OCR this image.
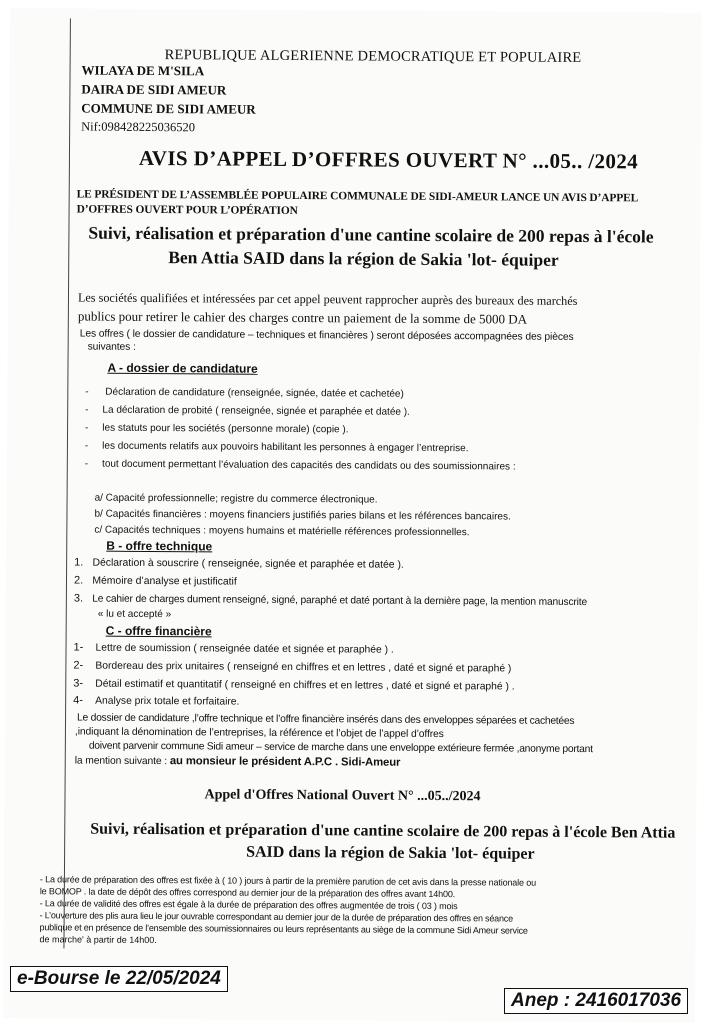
REPUBLIQUE ALGERIENNE DEMOCRATIQUE ET POPULAIRE
WILAYA DE M'SILA
DAIRA DE SIDI AMEUR
COMMUNE DE SIDI AMEUR
Nif:098428225036520
AVIS D’APPEL D’OFFRES OUVERT N° ...05.. /2024
LE PRÉSIDENT DE L’ASSEMBLÉE POPULAIRE COMMUNALE DE SIDI-AMEUR LANCE UN AVIS D’APPEL
D’OFFRES OUVERT POUR L’OPÉRATION
Suivi, réalisation et préparation d'une cantine scolaire de 200 repas à l'école
Ben Attia SAID dans la région de Sakia 'lot- équiper
Les sociétés qualifiées et intéressées par cet appel peuvent rapprocher auprès des bureaux des marchés
publics pour retirer le cahier des charges contre un paiement de la somme de 5000 DA
Les offres ( le dossier de candidature – techniques et financières ) seront déposées accompagnées des pièces
suivantes :
A - dossier de candidature
-      Déclaration de candidature (renseignée, signée, datée et cachetée)
-     La déclaration de probité ( renseignée, signée et paraphée et datée ).
-     les statuts pour les sociétés (personne morale) (copie ).
-     les documents relatifs aux pouvoirs habilitant les personnes à engager l’entreprise.
-     tout document permettant l’évaluation des capacités des candidats ou des soumissionnaires :
a/ Capacité professionnelle; registre du commerce électronique.
b/ Capacités financières : moyens financiers justifiés paries bilans et les références bancaires.
c/ Capacités techniques : moyens humains et matérielle références professionnelles.
B - offre technique
1. Déclaration à souscrire ( renseignée, signée et paraphée et datée ).
2. Mémoire d’analyse et justificatif
3. Le cahier de charges dument renseigné, signé, paraphé et daté portant à la dernière page, la mention manuscrite
« lu et accepté »
C - offre financière
1- Lettre de soumission ( renseignée datée et signée et paraphée ) .
2- Bordereau des prix unitaires ( renseigné en chiffres et en lettres , daté et signé et paraphé )
3- Détail estimatif et quantitatif ( renseigné en chiffres et en lettres , daté et signé et paraphé ) .
4- Analyse prix totale et forfaitaire.
Le dossier de candidature ,l’offre technique et l’offre financière insérés dans des enveloppes séparées et cachetées
,indiquant la dénomination de l’entreprises, la référence et l’objet de l’appel d’offres
doivent parvenir commune Sidi ameur – service de marche dans une enveloppe extérieure fermée ,anonyme portant
la mention suivante : au monsieur le président A.P.C . Sidi-Ameur
Appel d'Offres National Ouvert N° ...05../2024
Suivi, réalisation et préparation d'une cantine scolaire de 200 repas à l'école Ben Attia
SAID dans la région de Sakia 'lot- équiper
- La durée de préparation des offres est fixée à ( 10 ) jours à partir de la première parution de cet avis dans la presse nationale ou
le BOMOP . la date de dépôt des offres correspond au dernier jour de la préparation des offres avant 14h00.
- La durée de validité des offres est égale à la durée de préparation des offres augmentée de trois ( 03 ) mois
- L’ouverture des plis aura lieu le jour ouvrable correspondant au dernier jour de la durée de préparation des offres en séance
publique et en présence de l’ensemble des soumissionnaires ou leurs représentants au siège de la commune Sidi Ameur service
de marche' à partir de 14h00.
e-Bourse le 22/05/2024
Anep : 2416017036
